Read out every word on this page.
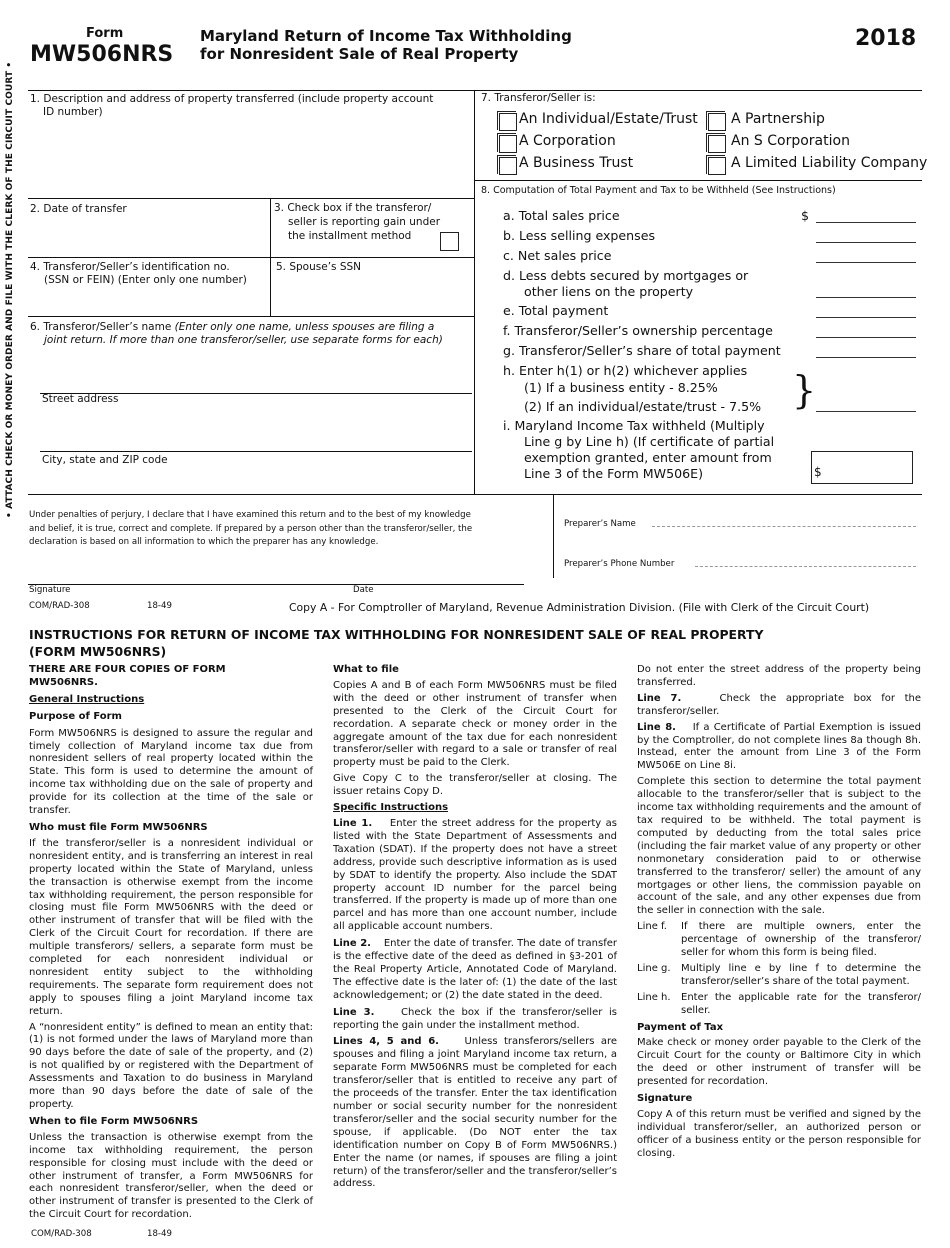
• ATTACH CHECK OR MONEY ORDER AND FILE WITH THE CLERK OF THE CIRCUIT COURT •
Form
MW506NRS
Maryland Return of Income Tax Withholding
for Nonresident Sale of Real Property
2018
1. Description and address of property transferred (include property account
ID number)
2. Date of transfer	3. Check box if the transferor/
seller is reporting gain under
the installment method
4. Transferor/Seller’s identification no.
(SSN or FEIN) (Enter only one number)
5. Spouse’s SSN
6. Transferor/Seller’s name (Enter only one name, unless spouses are filing a
joint return. If more than one transferor/seller, use separate forms for each)
Street address
City, state and ZIP code
7. Transferor/Seller is:
An Individual/Estate/Trust A Partnership
A Corporation	An S Corporation
A Business Trust	A Limited Liability Company
8. Computation of Total Payment and Tax to be Withheld (See Instructions)
a. Total sales price	$
b. Less selling expenses
c. Net sales price
d. Less debts secured by mortgages or
other liens on the property
e. Total payment
f. Transferor/Seller’s ownership percentage
g. Transferor/Seller’s share of total payment
h. Enter h(1) or h(2) whichever applies
(1) If a business entity - 8.25%
(2) If an individual/estate/trust - 7.5% }
i. Maryland Income Tax withheld (Multiply
Line g by Line h) (If certificate of partial
exemption granted, enter amount from
Line 3 of the Form MW506E)	$
Under penalties of perjury, I declare that I have examined this return and to the best of my knowledge
and belief, it is true, correct and complete. If prepared by a person other than the transferor/seller, the
declaration is based on all information to which the preparer has any knowledge.
Preparer’s Name
Preparer’s Phone Number
Signature	Date
COM/RAD-308	18-49	Copy A - For Comptroller of Maryland, Revenue Administration Division. (File with Clerk of the Circuit Court)
INSTRUCTIONS FOR RETURN OF INCOME TAX WITHHOLDING FOR NONRESIDENT SALE OF REAL PROPERTY
(FORM MW506NRS)

THERE ARE FOUR COPIES OF FORM MW506NRS.

General Instructions

Purpose of Form

Form MW506NRS is designed to assure the regular and timely collection of Maryland income tax due from nonresident sellers of real property located within the State. This form is used to determine the amount of income tax withholding due on the sale of property and provide for its collection at the time of the sale or transfer.

Who must file Form MW506NRS

If the transferor/seller is a nonresident individual or nonresident entity, and is transferring an interest in real property located within the State of Maryland, unless the transaction is otherwise exempt from the income tax withholding requirement, the person responsible for closing must file Form MW506NRS with the deed or other instrument of transfer that will be filed with the Clerk of the Circuit Court for recordation. If there are multiple transferors/ sellers, a separate form must be completed for each nonresident individual or nonresident entity subject to the withholding requirements. The separate form requirement does not apply to spouses filing a joint Maryland income tax return.

A “nonresident entity” is defined to mean an entity that: (1) is not formed under the laws of Maryland more than 90 days before the date of sale of the property, and (2) is not qualified by or registered with the Department of Assessments and Taxation to do business in Maryland more than 90 days before the date of sale of the property.

When to file Form MW506NRS

Unless the transaction is otherwise exempt from the income tax withholding requirement, the person responsible for closing must include with the deed or other instrument of transfer, a Form MW506NRS for each nonresident transferor/seller, when the deed or other instrument of transfer is presented to the Clerk of the Circuit Court for recordation.

What to file

Copies A and B of each Form MW506NRS must be filed with the deed or other instrument of transfer when presented to the Clerk of the Circuit Court for recordation. A separate check or money order in the aggregate amount of the tax due for each nonresident transferor/seller with regard to a sale or transfer of real property must be paid to the Clerk.

Give Copy C to the transferor/seller at closing. The issuer retains Copy D.

Specific Instructions

Line 1. Enter the street address for the property as listed with the State Department of Assessments and Taxation (SDAT). If the property does not have a street address, provide such descriptive information as is used by SDAT to identify the property. Also include the SDAT property account ID number for the parcel being transferred. If the property is made up of more than one parcel and has more than one account number, include all applicable account numbers.

Line 2. Enter the date of transfer. The date of transfer is the effective date of the deed as defined in §3-201 of the Real Property Article, Annotated Code of Maryland. The effective date is the later of: (1) the date of the last acknowledgement; or (2) the date stated in the deed.

Line 3.	Check the box if the transferor/seller is reporting the gain under the installment method.

Lines 4, 5 and 6.	Unless transferors/sellers are spouses and filing a joint Maryland income tax return, a separate Form MW506NRS must be completed for each transferor/seller that is entitled to receive any part of the proceeds of the transfer. Enter the tax identification number or social security number for the nonresident transferor/seller and the social security number for the spouse, if applicable. (Do NOT enter the tax identification number on Copy B of Form MW506NRS.) Enter the name (or names, if spouses are filing a joint return) of the transferor/seller and the transferor/seller’s address.

Do not enter the street address of the property being transferred.

Line 7.	Check the appropriate box for the transferor/seller.

Line 8. If a Certificate of Partial Exemption is issued by the Comptroller, do not complete lines 8a though 8h. Instead, enter the amount from Line 3 of the Form MW506E on Line 8i.

Complete this section to determine the total payment allocable to the transferor/seller that is subject to the income tax withholding requirements and the amount of tax required to be withheld. The total payment is computed by deducting from the total sales price (including the fair market value of any property or other nonmonetary consideration paid to or otherwise transferred to the transferor/ seller) the amount of any mortgages or other liens, the commission payable on account of the sale, and any other expenses due from the seller in connection with the sale.

Line f.	If there are multiple owners, enter the percentage of ownership of the transferor/ seller for whom this form is being filed.
Line g.	Multiply line e by line f to determine the transferor/seller’s share of the total payment.
Line h.	Enter the applicable rate for the transferor/ seller.

Payment of Tax

Make check or money order payable to the Clerk of the Circuit Court for the county or Baltimore City in which the deed or other instrument of transfer will be presented for recordation.

Signature

Copy A of this return must be verified and signed by the individual transferor/seller, an authorized person or officer of a business entity or the person responsible for closing.

COM/RAD-308	18-49
